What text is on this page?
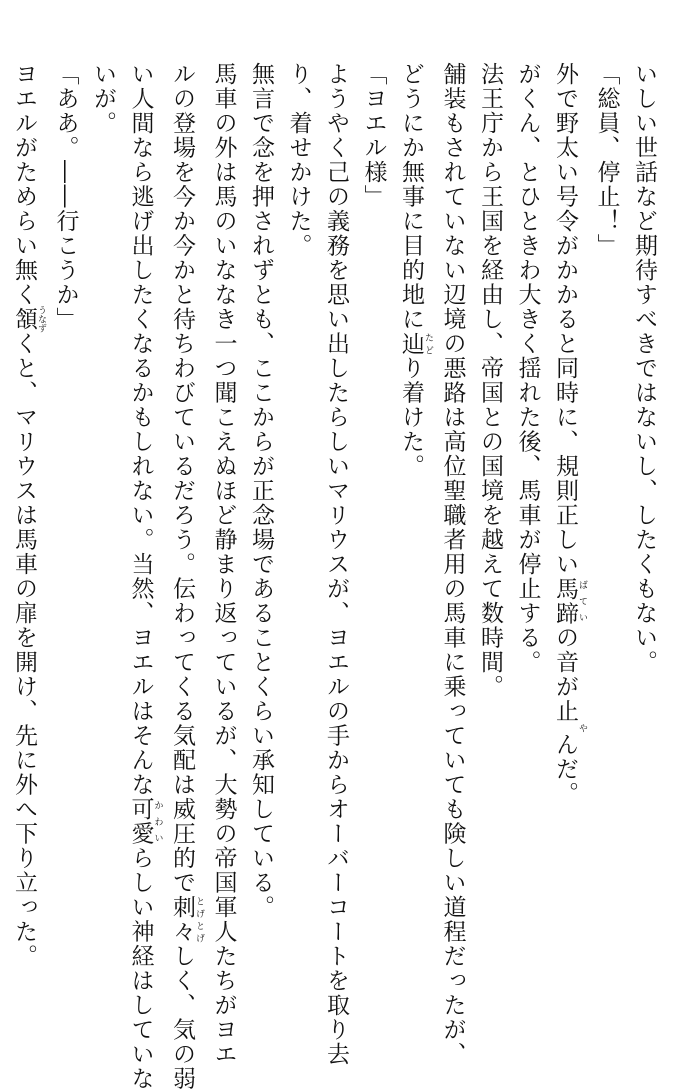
いしい世話など期待すべきではないし、したくもない。
「総員、停止！」
外で野太い号令がかかると同時に、規則正しい馬蹄 ばていの音が止やんだ。
がくん、とひときわ大きく揺れた後、馬車が停止する。
法王庁から王国を経由し、帝国との国境を越えて数時間。
舗装もされていない辺境の悪路は高位聖職者用の馬車に乗っていても険しい道程だったが、
どうにか無事に目的地に辿 たどり着けた。
「ヨエル様」
ようやく己の義務を思い出したらしいマリウスが、ヨエルの手からオーバーコートを取り去
り、着せかけた。
無言で念を押されずとも、ここからが正念場であることくらい承知している。
馬車の外は馬のいななき一つ聞こえぬほど静まり返っているが、大勢の帝国軍人たちがヨエ
ルの登場を今か今かと待ちわびているだろう。伝わってくる気配は威圧的で刺々 とげとげしく、気の弱
い人間なら逃げ出したくなるかもしれない。当然、ヨエルはそんな可愛 かわいらしい神経はしていな
いが。
「ああ。――行こうか」
ヨエルがためらい無く頷 うなずくと、マリウスは馬車の扉を開け、先に外へ下り立った。
